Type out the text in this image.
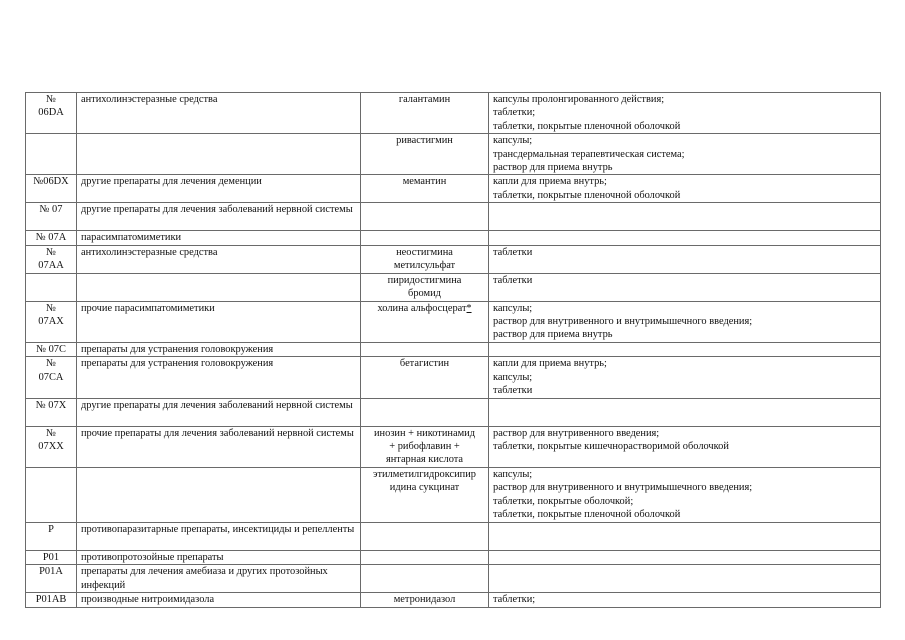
№
06DA	антихолинэстеразные средства	галантамин	капсулы пролонгированного действия;
таблетки;
таблетки, покрытые пленочной оболочкой

		ривастигмин	капсулы;
трансдермальная терапевтическая система;
раствор для приема внутрь

№06DX	другие препараты для лечения деменции	мемантин	капли для приема внутрь;
таблетки, покрытые пленочной оболочкой

№ 07	другие препараты для лечения заболеваний нервной системы		

№ 07A	парасимпатомиметики		

№
07AA	антихолинэстеразные средства	неостигмина
метилсульфат	таблетки

		пиридостигмина
бромид	таблетки

№
07AX	прочие парасимпатомиметики	холина альфосцерат*	капсулы;
раствор для внутривенного и внутримышечного введения;
раствор для приема внутрь

№ 07C	препараты для устранения головокружения		

№
07CA	препараты для устранения головокружения	бетагистин	капли для приема внутрь;
капсулы;
таблетки

№ 07X	другие препараты для лечения заболеваний нервной системы		

№
07XX	прочие препараты для лечения заболеваний нервной системы	инозин + никотинамид
+ рибофлавин +
янтарная кислота	раствор для внутривенного введения;
таблетки, покрытые кишечнорастворимой оболочкой

		этилметилгидроксипир
идина сукцинат	капсулы;
раствор для внутривенного и внутримышечного введения;
таблетки, покрытые оболочкой;
таблетки, покрытые пленочной оболочкой

P	противопаразитарные препараты, инсектициды и репелленты		

P01	противопротозойные препараты		

P01A	препараты для лечения амебиаза и других протозойных инфекций		

P01AB	производные нитроимидазола	метронидазол	таблетки;
